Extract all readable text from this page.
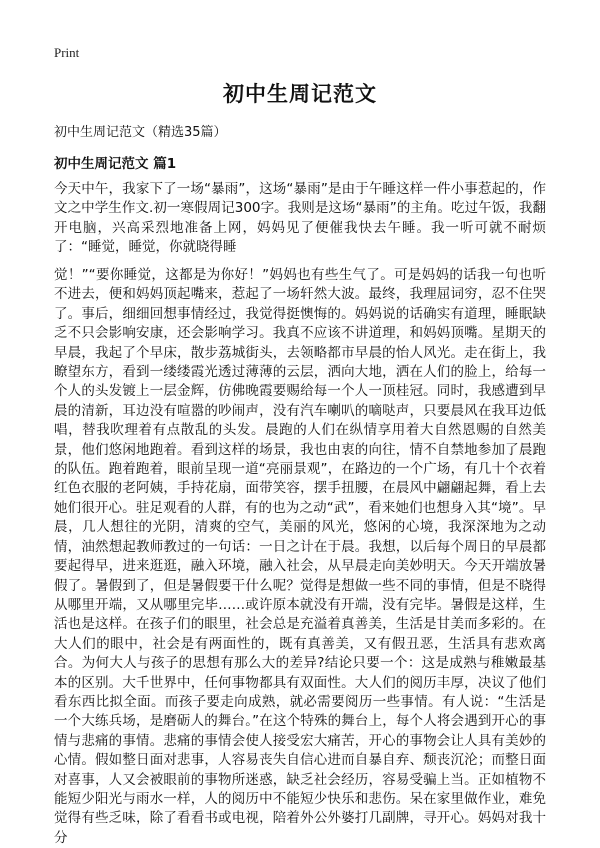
Print
初中生周记范文
初中生周记范文（精选35篇）
初中生周记范文 篇1

今天中午，我家下了一场“暴雨”，这场“暴雨”是由于午睡这样一件小事惹起的，作文之中学生作文.初一寒假周记300字。我则是这场“暴雨”的主角。吃过午饭，我翻开电脑，兴高采烈地准备上网，妈妈见了便催我快去午睡。我一听可就不耐烦了：“睡觉，睡觉，你就晓得睡

觉！”“要你睡觉，这都是为你好！”妈妈也有些生气了。可是妈妈的话我一句也听不进去，便和妈妈顶起嘴来，惹起了一场轩然大波。最终，我理屈词穷，忍不住哭了。事后，细细回想事情经过，我觉得挺懊悔的。妈妈说的话确实有道理，睡眠缺乏不只会影响安康，还会影响学习。我真不应该不讲道理，和妈妈顶嘴。星期天的早晨，我起了个早床，散步荔城街头，去领略都市早晨的怡人风光。走在街上，我瞭望东方，看到一缕缕霞光透过薄薄的云层，洒向大地，洒在人们的脸上，给每一个人的头发镀上一层金辉，仿佛晚霞要赐给每一个人一顶桂冠。同时，我感遭到早晨的清新，耳边没有喧嚣的吵闹声，没有汽车喇叭的嘀哒声，只要晨风在我耳边低唱，替我吹理着有点散乱的头发。晨跑的人们在纵情享用着大自然恩赐的自然美景，他们悠闲地跑着。看到这样的场景，我也由衷的向往，情不自禁地参加了晨跑的队伍。跑着跑着，眼前呈现一道“亮丽景观”，在路边的一个广场，有几十个衣着红色衣服的老阿姨，手持花扇，面带笑容，摆手扭腰，在晨风中翩翩起舞，看上去她们很开心。驻足观看的人群，有的也为之动“武”，看来她们也想身入其“境”。早晨，几人想往的光阴，清爽的空气，美丽的风光，悠闲的心境，我深深地为之动情，油然想起教师教过的一句话：一日之计在于晨。我想，以后每个周日的早晨都要起得早，进来逛逛，融入环境，融入社会，从早晨走向美妙明天。今天开端放暑假了。暑假到了，但是暑假要干什么呢？觉得是想做一些不同的事情，但是不晓得从哪里开端，又从哪里完毕……或许原本就没有开端，没有完毕。暑假是这样，生活也是这样。在孩子们的眼里，社会总是充溢着真善美，生活是甘美而多彩的。在大人们的眼中，社会是有两面性的，既有真善美，又有假丑恶，生活具有悲欢离合。为何大人与孩子的思想有那么大的差异?结论只要一个：这是成熟与稚嫩最基本的区别。大千世界中，任何事物都具有双面性。大人们的阅历丰厚，决议了他们看东西比拟全面。而孩子要走向成熟，就必需要阅历一些事情。有人说：“生活是一个大练兵场，是磨砺人的舞台。”在这个特殊的舞台上，每个人将会遇到开心的事情与悲痛的事情。悲痛的事情会使人接受宏大痛苦，开心的事物会让人具有美妙的心情。假如整日面对悲事，人容易丧失自信心进而自暴自弃、颓丧沉沦；而整日面对喜事，人又会被眼前的事物所迷惑，缺乏社会经历，容易受骗上当。正如植物不能短少阳光与雨水一样，人的阅历中不能短少快乐和悲伤。呆在家里做作业，难免觉得有些乏味，除了看看书或电视，陪着外公外婆打几副牌，寻开心。妈妈对我十分
